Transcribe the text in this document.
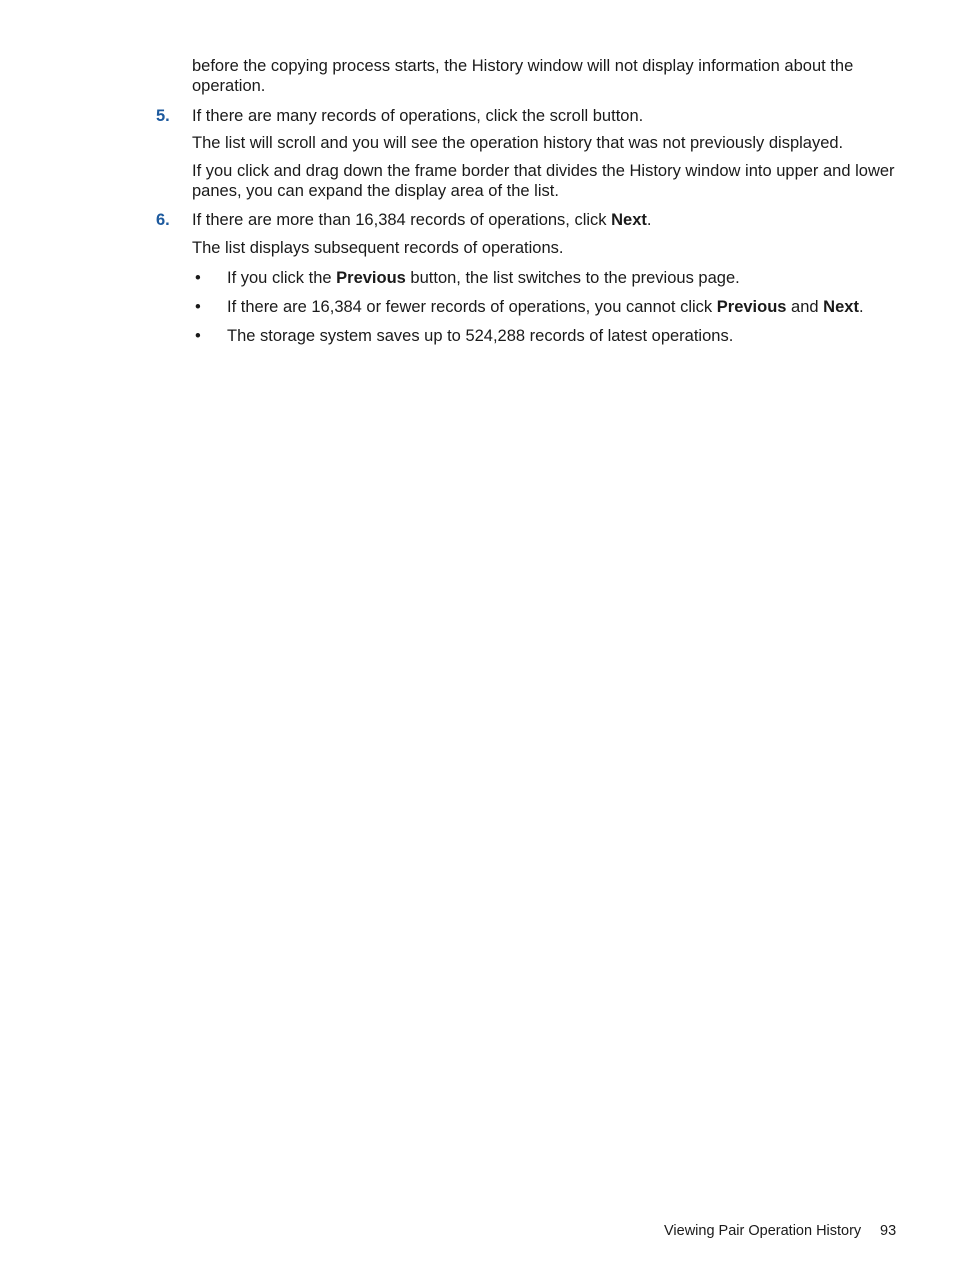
before the copying process starts, the History window will not display information about the operation.

5. If there are many records of operations, click the scroll button.

The list will scroll and you will see the operation history that was not previously displayed.

If you click and drag down the frame border that divides the History window into upper and lower panes, you can expand the display area of the list.

6. If there are more than 16,384 records of operations, click Next.

The list displays subsequent records of operations.

• If you click the Previous button, the list switches to the previous page.
• If there are 16,384 or fewer records of operations, you cannot click Previous and Next.
• The storage system saves up to 524,288 records of latest operations.
Viewing Pair Operation History 93
